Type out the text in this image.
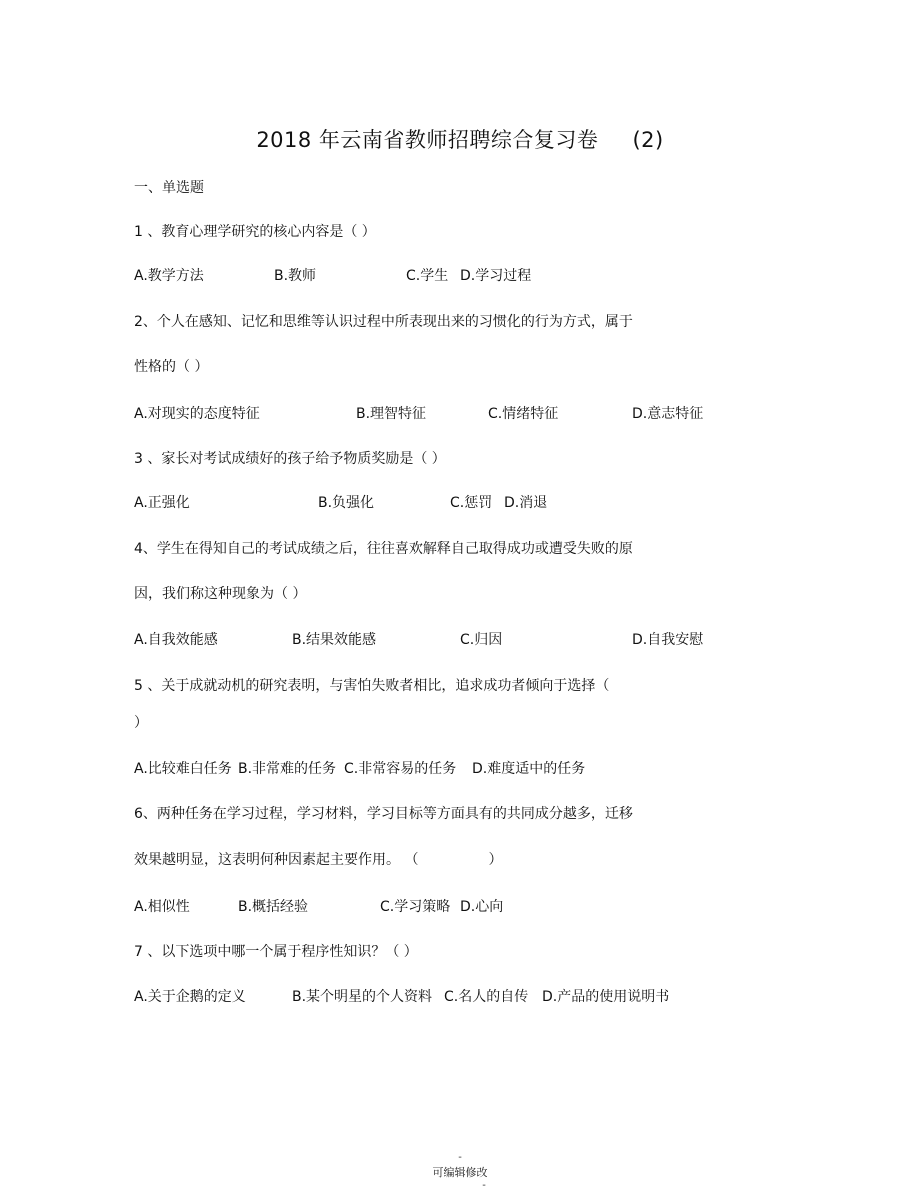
2018 年云南省教师招聘综合复习卷 (2)
一、单选题
1 、教育心理学研究的核心内容是（ ）
A.教学方法	B.教师	C.学生 D.学习过程
2、个人在感知、记忆和思维等认识过程中所表现出来的习惯化的行为方式，属于
性格的（ ）
A.对现实的态度特征	B.理智特征	C.情绪特征	D.意志特征
3 、家长对考试成绩好的孩子给予物质奖励是（ ）
A.正强化	B.负强化	C.惩罚 D.消退
4、学生在得知自己的考试成绩之后，往往喜欢解释自己取得成功或遭受失败的原
因，我们称这种现象为（ ）
A.自我效能感	B.结果效能感	C.归因	D.自我安慰
5 、关于成就动机的研究表明，与害怕失败者相比，追求成功者倾向于选择（
）
A.比较难白任务 B.非常难的任务 C.非常容易的任务 D.难度适中的任务
6、两种任务在学习过程，学习材料，学习目标等方面具有的共同成分越多，迁移
效果越明显，这表明何种因素起主要作用。 （　　　　　）
A.相似性	B.概括经验	C.学习策略 D.心向
7 、以下选项中哪一个属于程序性知识？（ ）
A.关于企鹅的定义	B.某个明星的个人资料 C.名人的自传 D.产品的使用说明书
-
可编辑修改
-
